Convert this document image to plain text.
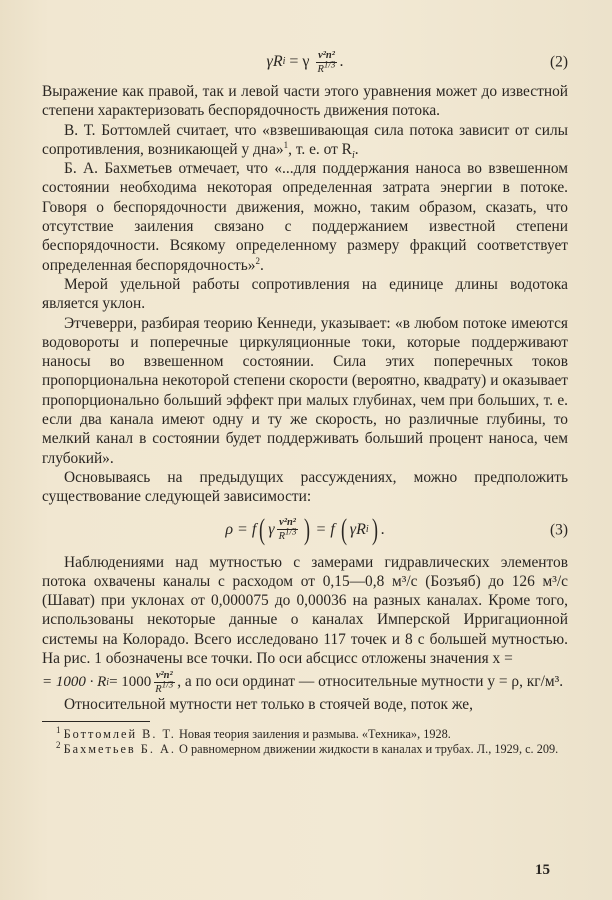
γR i = γ $\frac{\text{v²n²}}{R^{1/3}}$ .	(2)

Выражение как правой, так и левой части этого уравнения может до известной степени характеризовать беспорядочность движения потока.

В. Т. Боттомлей считает, что «взвешивающая сила потока зависит от силы сопротивления, возникающей у дна»$^1$, т. е. от $R_i$.

Б. А. Бахметьев отмечает, что «...для поддержания наноса во взвешенном состоянии необходима некоторая определенная затрата энергии в потоке. Говоря о беспорядочности движения, можно, таким образом, сказать, что отсутствие заиления связано с поддержанием известной степени беспорядочности. Всякому определенному размеру фракций соответствует определенная беспорядочность»$^2$.

Мерой удельной работы сопротивления на единице длины водотока является уклон.

Этчеверри, разбирая теорию Кеннеди, указывает: «в любом потоке имеются водовороты и поперечные циркуляционные токи, которые поддерживают наносы во взвешенном состоянии. Сила этих поперечных токов пропорциональна некоторой степени скорости (вероятно, квадрату) и оказывает пропорционально больший эффект при малых глубинах, чем при больших, т. е. если два канала имеют одну и ту же скорость, но различные глубины, то мелкий канал в состоянии будет поддерживать больший процент наноса, чем глубокий».

Основываясь на предыдущих рассуждениях, можно предположить существование следующей зависимости:

ρ = f ( γ $\frac{\text{v²n²}}{R^{1/3}}$ ) = f ( γR i ) .	(3)

Наблюдениями над мутностью с замерами гидравлических элементов потока охвачены каналы с расходом от 0,15—0,8 м³/с (Бозъяб) до 126 м³/с (Шават) при уклонах от 0,000075 до 0,00036 на разных каналах. Кроме того, использованы некоторые данные о каналах Имперской Ирригационной системы на Колорадо. Всего исследовано 117 точек и 8 с большей мутностью. На рис. 1 обозначены все точки. По оси абсцисс отложены значения x =

= 1000 · R $i = 1000 \frac{\text{v²n²}}{R^{1/3}}$ , а по оси ординат — относительные мутности y = ρ, кг/м³.

Относительной мутности нет только в стоячей воде, поток же,

$^1$ Боттомлей В. Т. Новая теория заиления и размыва. «Техника», 1928.

$^2$ Бахметьев Б. А. О равномерном движении жидкости в каналах и трубах. Л., 1929, с. 209.

15
